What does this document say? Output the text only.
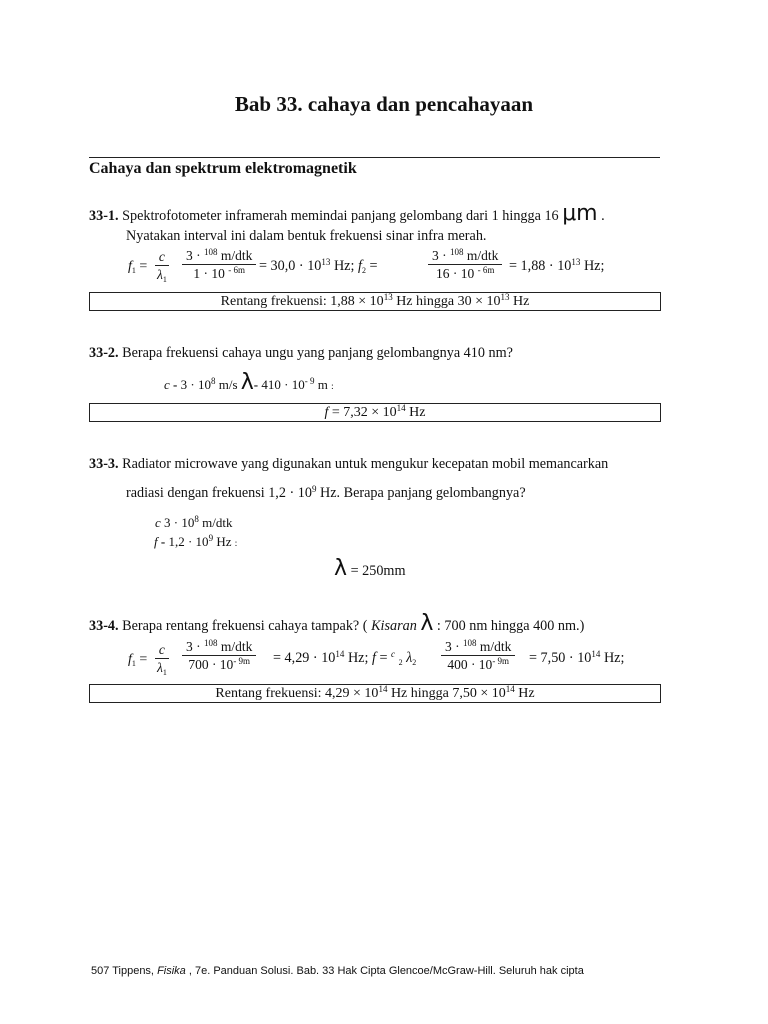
Bab 33. cahaya dan pencahayaan
Cahaya dan spektrum elektromagnetik
33-1. Spektrofotometer inframerah memindai panjang gelombang dari 1 hingga 16 μm .
Nyatakan interval ini dalam bentuk frekuensi sinar infra merah.
$f_1 = \frac{c}{\lambda_1} 3 \cdot ^{108}$ m/dtk
1 · 10 $^{- 6m} = 30,0 \cdot 10^{13}$ Hz; $f_2$ =
3 · $^{108}$ m/dtk
16 · 10 $^{- 6m} = 1,88 \cdot 10^{13}$ Hz;
Rentang frekuensi: $1,88 \times 10^{13}$ Hz hingga $30 \times 10^{13}$ Hz
33-2. Berapa frekuensi cahaya ungu yang panjang gelombangnya 410 nm?
$c - 3 \cdot 10^8$ m/s λ- $410 \cdot 10^{- 9}$ m :
$f = 7,32 \times 10^{14}$ Hz
33-3. Radiator microwave yang digunakan untuk mengukur kecepatan mobil memancarkan
radiasi dengan frekuensi $1,2 \cdot 10^9$ Hz. Berapa panjang gelombangnya?
c $3 \cdot 10^8$ m/dtk
$f - 1,2 \cdot 10^9$ Hz :
λ = 250mm
33-4. Berapa rentang frekuensi cahaya tampak? ( Kisaran λ : 700 nm hingga 400 nm.)
$f_1 = \frac{c}{\lambda_1} 3 \cdot ^{108}$ m/dtk
$700 \cdot 10^{- 9m} = 4,29 \cdot 10^{14}$ Hz; f = $^c$ $_2$ $\lambda_2$
3 · $^{108}$ m/dtk
$400 \cdot 10^{- 9m} = 7,50 \cdot 10^{14}$ Hz;
Rentang frekuensi: $4,29 \times 10^{14}$ Hz hingga $7,50 \times 10^{14}$ Hz
507 Tippens, Fisika , 7e. Panduan Solusi. Bab. 33 Hak Cipta Glencoe/McGraw-Hill. Seluruh hak cipta
